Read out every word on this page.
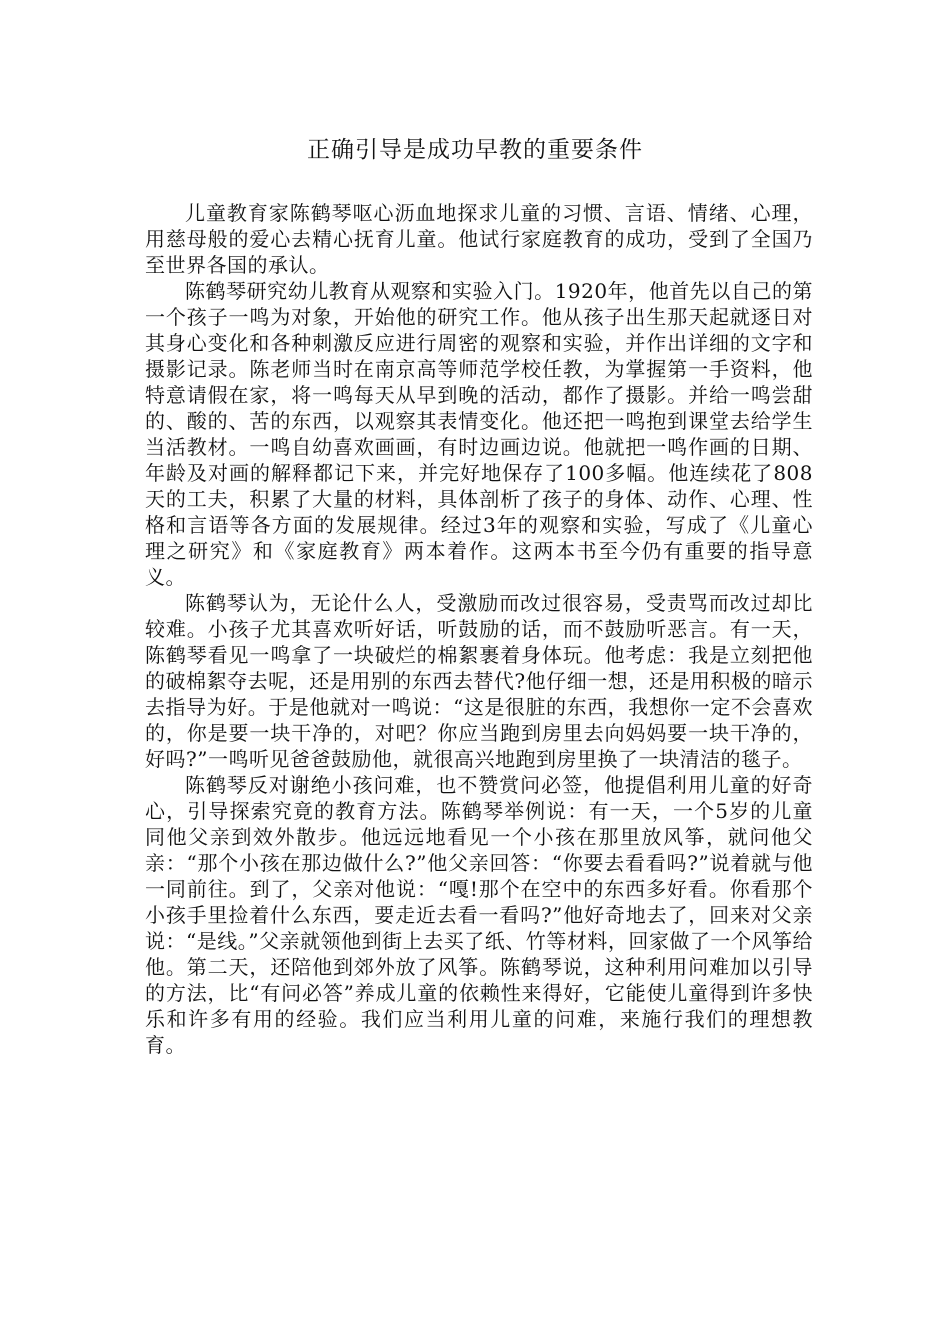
正确引导是成功早教的重要条件

儿童教育家陈鹤琴呕心沥血地探求儿童的习惯、言语、情绪、心理，用慈母般的爱心去精心抚育儿童。他试行家庭教育的成功，受到了全国乃至世界各国的承认。

陈鹤琴研究幼儿教育从观察和实验入门。1920年，他首先以自己的第一个孩子一鸣为对象，开始他的研究工作。他从孩子出生那天起就逐日对其身心变化和各种刺激反应进行周密的观察和实验，并作出详细的文字和摄影记录。陈老师当时在南京高等师范学校任教，为掌握第一手资料，他特意请假在家，将一鸣每天从早到晚的活动，都作了摄影。并给一鸣尝甜的、酸的、苦的东西，以观察其表情变化。他还把一鸣抱到课堂去给学生当活教材。一鸣自幼喜欢画画，有时边画边说。他就把一鸣作画的日期、年龄及对画的解释都记下来，并完好地保存了100多幅。他连续花了808天的工夫，积累了大量的材料，具体剖析了孩子的身体、动作、心理、性格和言语等各方面的发展规律。经过3年的观察和实验，写成了《儿童心理之研究》和《家庭教育》两本着作。这两本书至今仍有重要的指导意义。

陈鹤琴认为，无论什么人，受激励而改过很容易，受责骂而改过却比较难。小孩子尤其喜欢听好话，听鼓励的话，而不鼓励听恶言。有一天，陈鹤琴看见一鸣拿了一块破烂的棉絮裹着身体玩。他考虑：我是立刻把他的破棉絮夺去呢，还是用别的东西去替代?他仔细一想，还是用积极的暗示去指导为好。于是他就对一鸣说：“这是很脏的东西，我想你一定不会喜欢的，你是要一块干净的，对吧？你应当跑到房里去向妈妈要一块干净的，好吗?”一鸣听见爸爸鼓励他，就很高兴地跑到房里换了一块清洁的毯子。

陈鹤琴反对谢绝小孩问难，也不赞赏问必签，他提倡利用儿童的好奇心，引导探索究竟的教育方法。陈鹤琴举例说：有一天，一个5岁的儿童同他父亲到效外散步。他远远地看见一个小孩在那里放风筝，就问他父亲：“那个小孩在那边做什么?”他父亲回答：“你要去看看吗?”说着就与他一同前往。到了，父亲对他说：“嘎!那个在空中的东西多好看。你看那个小孩手里捡着什么东西，要走近去看一看吗?”他好奇地去了，回来对父亲说：“是线。”父亲就领他到街上去买了纸、竹等材料，回家做了一个风筝给他。第二天，还陪他到郊外放了风筝。陈鹤琴说，这种利用问难加以引导的方法，比“有问必答”养成儿童的依赖性来得好，它能使儿童得到许多快乐和许多有用的经验。我们应当利用儿童的问难，来施行我们的理想教育。
